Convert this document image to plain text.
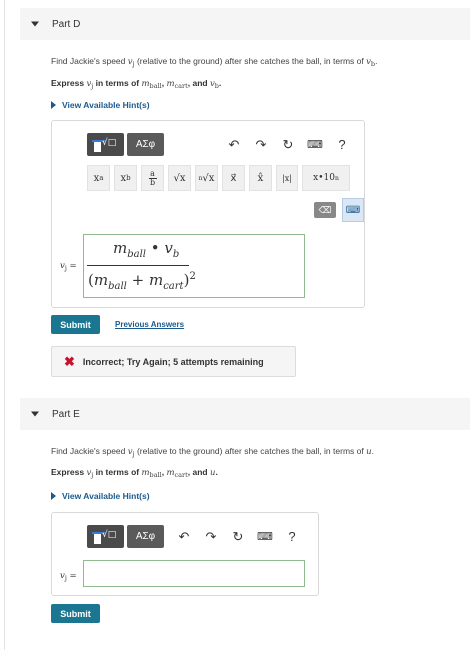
Part D
Find Jackie's speed $v_j$ (relative to the ground) after she catches the ball, in terms of $v_b$.
Express $v_j$ in terms of $m_{ball}$, $m_{cart}$, and $v_b$.
View Available Hint(s)
√□	ΑΣφ	↶	↷	↻	⌨	?
x a x b
a
b	√x	n √x	x⃗	x̂	|x|	x•10 n
⌫	⌨
$v_j$ =
$m_{ball}$ • $v_b$
$(m_{ball} + m_{cart})^2$
Submit	Previous Answers
✖ Incorrect; Try Again; 5 attempts remaining
Part E
Find Jackie's speed $v_j$ (relative to the ground) after she catches the ball, in terms of u.
Express $v_j$ in terms of $m_{ball}$, $m_{cart}$, and u.
View Available Hint(s)
√□	ΑΣφ	↶	↷	↻	⌨	?
$v_j$ =
Submit
